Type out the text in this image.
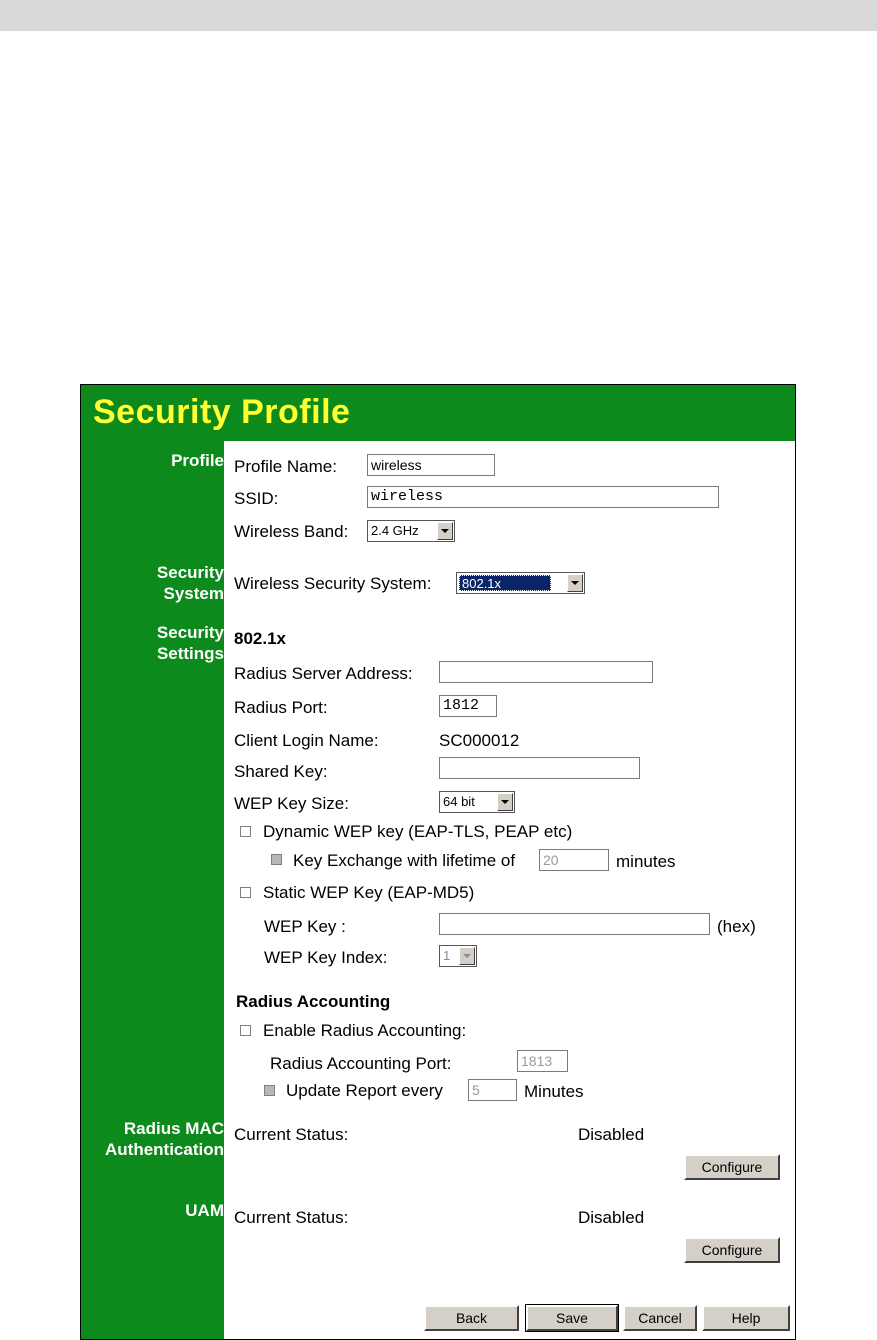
Security Profile
Profile
Security
System
Security
Settings
Radius MAC
Authentication
UAM
Profile Name: wireless
SSID:	wireless
Wireless Band: 2.4 GHz
Wireless Security System: 802.1x
802.1x
Radius Server Address:
Radius Port:	1812
Client Login Name:	SC000012
Shared Key:
WEP Key Size:	64 bit
Dynamic WEP key (EAP-TLS, PEAP etc)
Key Exchange with lifetime of 20	minutes
Static WEP Key (EAP-MD5)
WEP Key :	(hex)
WEP Key Index:	1
Radius Accounting
Enable Radius Accounting:
Radius Accounting Port:	1813
Update Report every 5	Minutes
Current Status:	Disabled
Configure
Current Status:	Disabled
Configure
Back	Save	Cancel	Help
